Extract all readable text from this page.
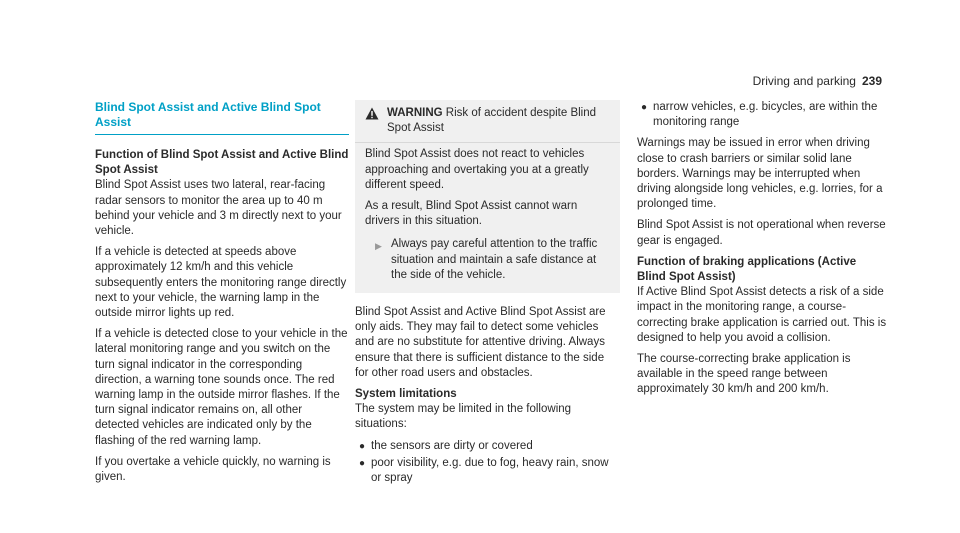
Driving and parking 239
Blind Spot Assist and Active Blind Spot Assist
Function of Blind Spot Assist and Active Blind Spot Assist

Blind Spot Assist uses two lateral, rear-facing radar sensors to monitor the area up to 40 m behind your vehicle and 3 m directly next to your vehicle.

If a vehicle is detected at speeds above approximately 12 km/h and this vehicle subsequently enters the monitoring range directly next to your vehicle, the warning lamp in the outside mirror lights up red.

If a vehicle is detected close to your vehicle in the lateral monitoring range and you switch on the turn signal indicator in the corresponding direction, a warning tone sounds once. The red warning lamp in the outside mirror flashes. If the turn signal indicator remains on, all other detected vehicles are indicated only by the flashing of the red warning lamp.

If you overtake a vehicle quickly, no warning is given.

WARNING Risk of accident despite Blind Spot Assist

Blind Spot Assist does not react to vehicles approaching and overtaking you at a greatly different speed.

As a result, Blind Spot Assist cannot warn drivers in this situation.

▶ Always pay careful attention to the traffic situation and maintain a safe distance at the side of the vehicle.

Blind Spot Assist and Active Blind Spot Assist are only aids. They may fail to detect some vehicles and are no substitute for attentive driving. Always ensure that there is sufficient distance to the side for other road users and obstacles.

System limitations

The system may be limited in the following situations:

● the sensors are dirty or covered
● poor visibility, e.g. due to fog, heavy rain, snow or spray
● narrow vehicles, e.g. bicycles, are within the monitoring range

Warnings may be issued in error when driving close to crash barriers or similar solid lane borders. Warnings may be interrupted when driving alongside long vehicles, e.g. lorries, for a prolonged time.

Blind Spot Assist is not operational when reverse gear is engaged.

Function of braking applications (Active Blind Spot Assist)

If Active Blind Spot Assist detects a risk of a side impact in the monitoring range, a course-correcting brake application is carried out. This is designed to help you avoid a collision.

The course-correcting brake application is available in the speed range between approximately 30 km/h and 200 km/h.
